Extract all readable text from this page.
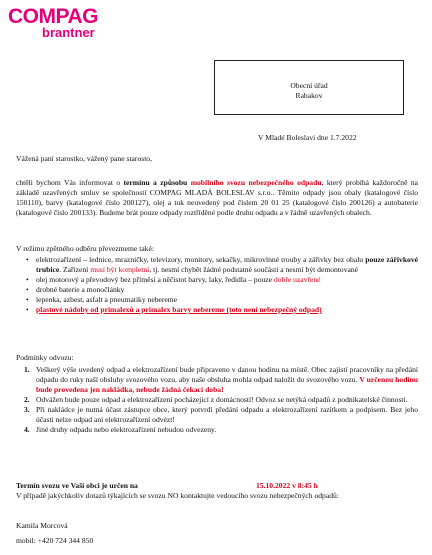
COMPAG
brantner
Obecní úřad
Rabakov
V Mladé Boleslavi dne 1.7.2022
Vážená paní starostko, vážený pane starosto,
chtěli bychom Vás informovat o termínu a způsobu mobilního svozu nebezpečného odpadu, který probíhá každoročně na základě uzavřených smluv se společností COMPAG MLADÁ BOLESLAV s.r.o.. Těmito odpady jsou obaly (katalogové číslo 150110), barvy (katalogové číslo 200127), olej a tuk neuvedený pod číslem 20 01 25 (katalogové číslo 200126) a autobaterie (katalogové číslo 200133). Budeme brát pouze odpady roztříděné podle druhu odpadu a v řádně uzavřených obalech.
V režimu zpětného odběru převezmeme také:
• elektrozařízení – lednice, mrazničky, televizory, monitory, sekačky, mikrovlnné trouby a zářivky bez obalu pouze zářivkové trubice. Zařízení musí být kompletní, tj. nesmí chybět žádné podstatné součásti a nesmí být demontované
• olej motorový a převodový bez příměsí a něčistot barvy, laky, ředidla – pouze dobře uzavřené
• drobné baterie a monočlánky
• lepenka, azbest, asfalt a pneumatiky nebereme
• plastové nádoby od primalexů a primalex barvy nebereme (toto není nebezpečný odpad)
Podmínky odvozu:
1. Veškerý výše uvedený odpad a elektrozařízení bude připraveno v danou hodinu na místě. Obec zajistí pracovníky na předání odpadu do ruky naší obsluhy svozového vozu, aby naše obsluha mohla odpad naložit do svozového vozu. V určenou hodinu bude provedena jen nakládka, nebude žádná čekací doba!
2. Odvážen bude pouze odpad a elektrozařízení pocházející z domácností! Odvoz se netýká odpadů z podnikatelské činnosti.
3. Při nakládce je nutná účast zástupce obce, který potvrdí předání odpadu a elektrozařízení razítkem a podpisem. Bez jeho účasti nelze odpad ani elektrozařízení odvézt!
4. Jiné druhy odpadu nebo elektrozařízení nebudou odvezeny.
Termín svozu ve Vaší obci je určen na	15.10.2022 v 8:45 h
V případě jakýchkoliv dotazů týkajících se svozu NO kontaktujte vedoucího svozu nebezpečných odpadů:
Kamila Morcová
mobil: +420 724 344 850
